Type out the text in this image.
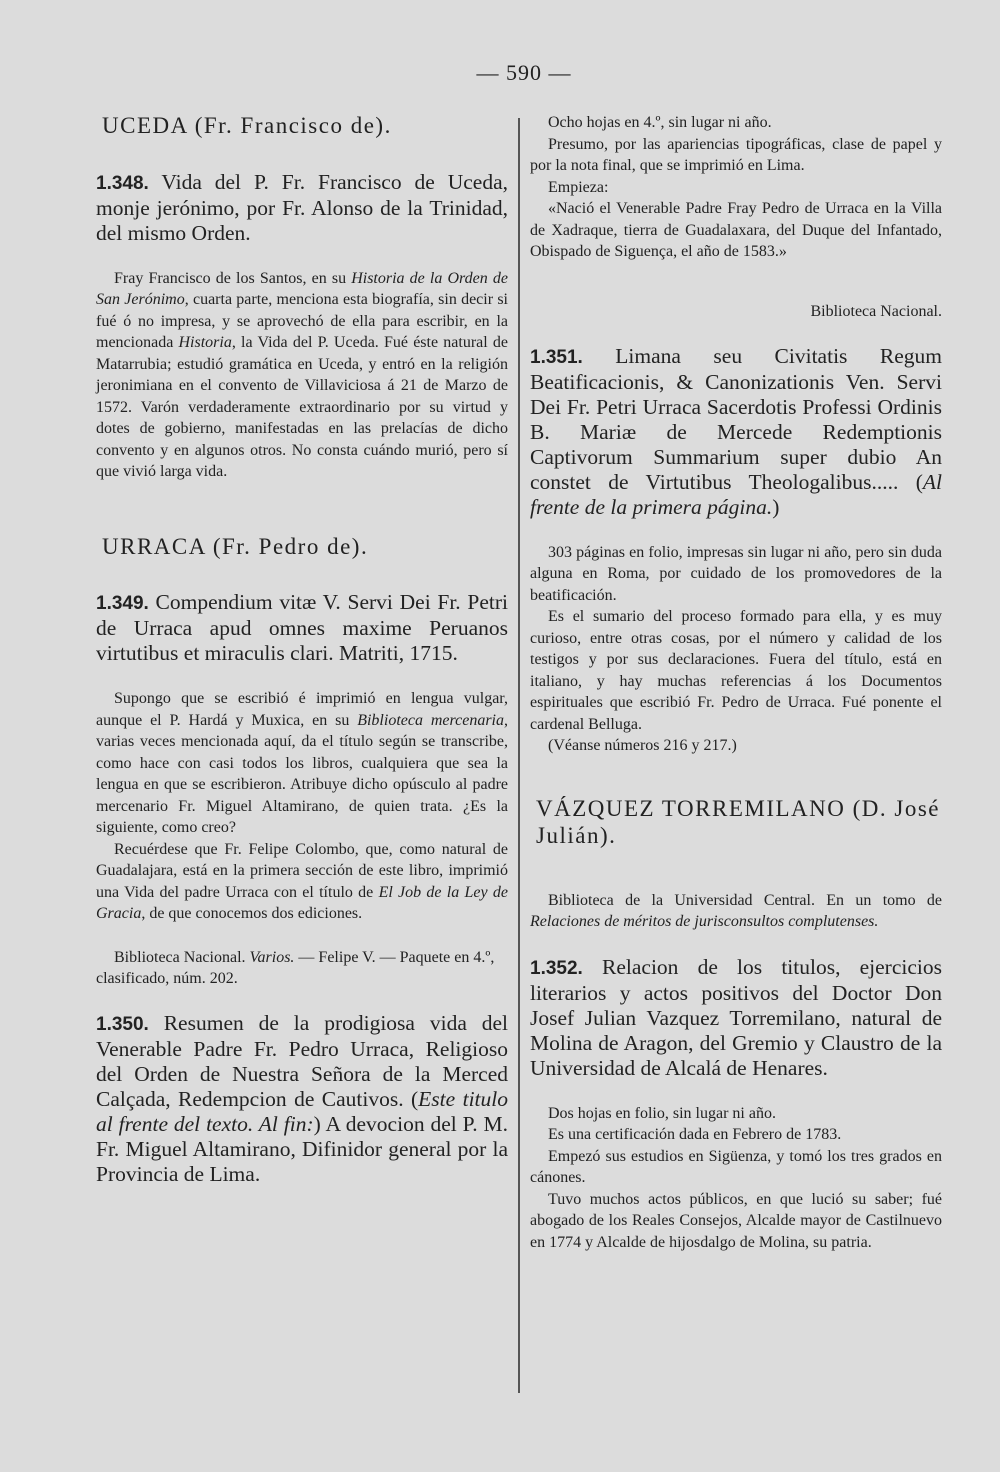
— 590 —
UCEDA (Fr. Francisco de).

1.348. Vida del P. Fr. Francisco de Uceda, monje jerónimo, por Fr. Alonso de la Trinidad, del mismo Orden.

Fray Francisco de los Santos, en su Historia de la Orden de San Jerónimo, cuarta parte, menciona esta biografía, sin decir si fué ó no impresa, y se aprovechó de ella para escribir, en la mencionada Historia, la Vida del P. Uceda. Fué éste natural de Matarrubia; estudió gramática en Uceda, y entró en la religión jeronimiana en el convento de Villaviciosa á 21 de Marzo de 1572. Varón verdaderamente extraordinario por su virtud y dotes de gobierno, manifestadas en las prelacías de dicho convento y en algunos otros. No consta cuándo murió, pero sí que vivió larga vida.

URRACA (Fr. Pedro de).

1.349. Compendium vitæ V. Servi Dei Fr. Petri de Urraca apud omnes maxime Peruanos virtutibus et miraculis clari. Matriti, 1715.

Supongo que se escribió é imprimió en lengua vulgar, aunque el P. Hardá y Muxica, en su Biblioteca mercenaria, varias veces mencionada aquí, da el título según se transcribe, como hace con casi todos los libros, cualquiera que sea la lengua en que se escribieron. Atribuye dicho opúsculo al padre mercenario Fr. Miguel Altamirano, de quien trata. ¿Es la siguiente, como creo?

Recuérdese que Fr. Felipe Colombo, que, como natural de Guadalajara, está en la primera sección de este libro, imprimió una Vida del padre Urraca con el título de El Job de la Ley de Gracia, de que conocemos dos ediciones.

Biblioteca Nacional. Varios. — Felipe V. — Paquete en 4.º, clasificado, núm. 202.

1.350. Resumen de la prodigiosa vida del Venerable Padre Fr. Pedro Urraca, Religioso del Orden de Nuestra Señora de la Merced Calçada, Redempcion de Cautivos. (Este titulo al frente del texto. Al fin:) A devocion del P. M. Fr. Miguel Altamirano, Difinidor general por la Provincia de Lima.

Ocho hojas en 4.º, sin lugar ni año.

Presumo, por las apariencias tipográficas, clase de papel y por la nota final, que se imprimió en Lima.

Empieza:

«Nació el Venerable Padre Fray Pedro de Urraca en la Villa de Xadraque, tierra de Guadalaxara, del Duque del Infantado, Obispado de Siguença, el año de 1583.»

Biblioteca Nacional.

1.351. Limana seu Civitatis Regum Beatificacionis, & Canonizationis Ven. Servi Dei Fr. Petri Urraca Sacerdotis Professi Ordinis B. Mariæ de Mercede Redemptionis Captivorum Summarium super dubio An constet de Virtutibus Theologalibus..... (Al frente de la primera página.)

303 páginas en folio, impresas sin lugar ni año, pero sin duda alguna en Roma, por cuidado de los promovedores de la beatificación.

Es el sumario del proceso formado para ella, y es muy curioso, entre otras cosas, por el número y calidad de los testigos y por sus declaraciones. Fuera del título, está en italiano, y hay muchas referencias á los Documentos espirituales que escribió Fr. Pedro de Urraca. Fué ponente el cardenal Belluga.

(Véanse números 216 y 217.)

VÁZQUEZ TORREMILANO (D. José Julián).

Biblioteca de la Universidad Central. En un tomo de Relaciones de méritos de jurisconsultos complutenses.

1.352. Relacion de los titulos, ejercicios literarios y actos positivos del Doctor Don Josef Julian Vazquez Torremilano, natural de Molina de Aragon, del Gremio y Claustro de la Universidad de Alcalá de Henares.

Dos hojas en folio, sin lugar ni año.

Es una certificación dada en Febrero de 1783.

Empezó sus estudios en Sigüenza, y tomó los tres grados en cánones.

Tuvo muchos actos públicos, en que lució su saber; fué abogado de los Reales Consejos, Alcalde mayor de Castilnuevo en 1774 y Alcalde de hijosdalgo de Molina, su patria.
